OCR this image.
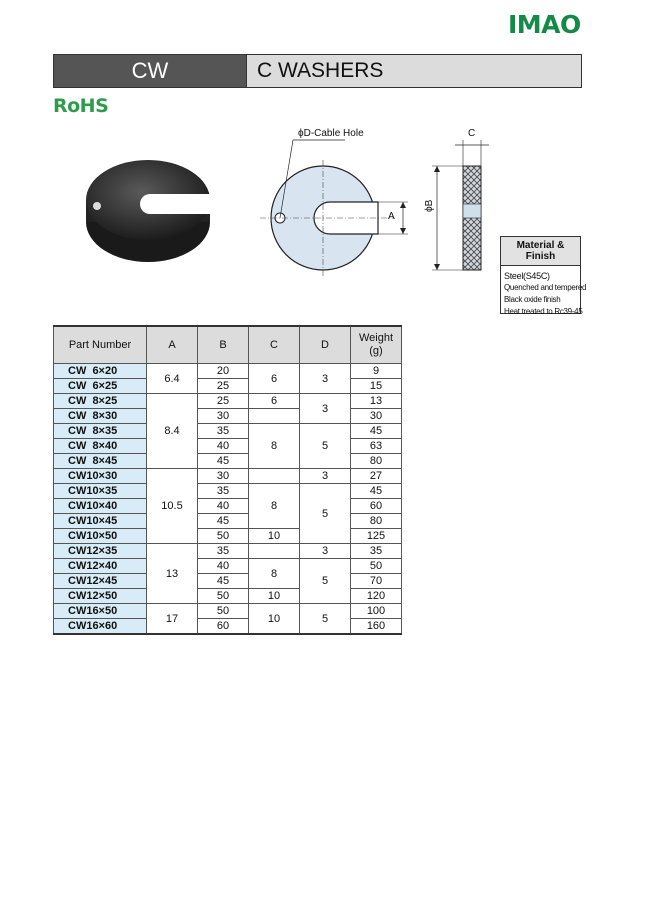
IMAO
CW	C WASHERS
RoHS
ϕD-Cable Hole
A
ϕB
C
Material & Finish
Steel(S45C)
Quenched and tempered
Black oxide finish
Heat treated to Rc39-45
Part Number	A	B	C	D	Weight
(g)
CW  6×20	6.4	20	6	3	9
CW  6×25		25			15
CW  8×25	8.4	25	6	3	13
CW  8×30		30			30
CW  8×35		35	8	5	45
CW  8×40		40			63
CW  8×45		45			80
CW10×30	10.5	30		3	27
CW10×35		35	8	5	45
CW10×40		40			60
CW10×45		45			80
CW10×50		50	10		125
CW12×35	13	35		3	35
CW12×40		40	8	5	50
CW12×45		45			70
CW12×50		50	10		120
CW16×50	17	50	10	5	100
CW16×60		60			160
